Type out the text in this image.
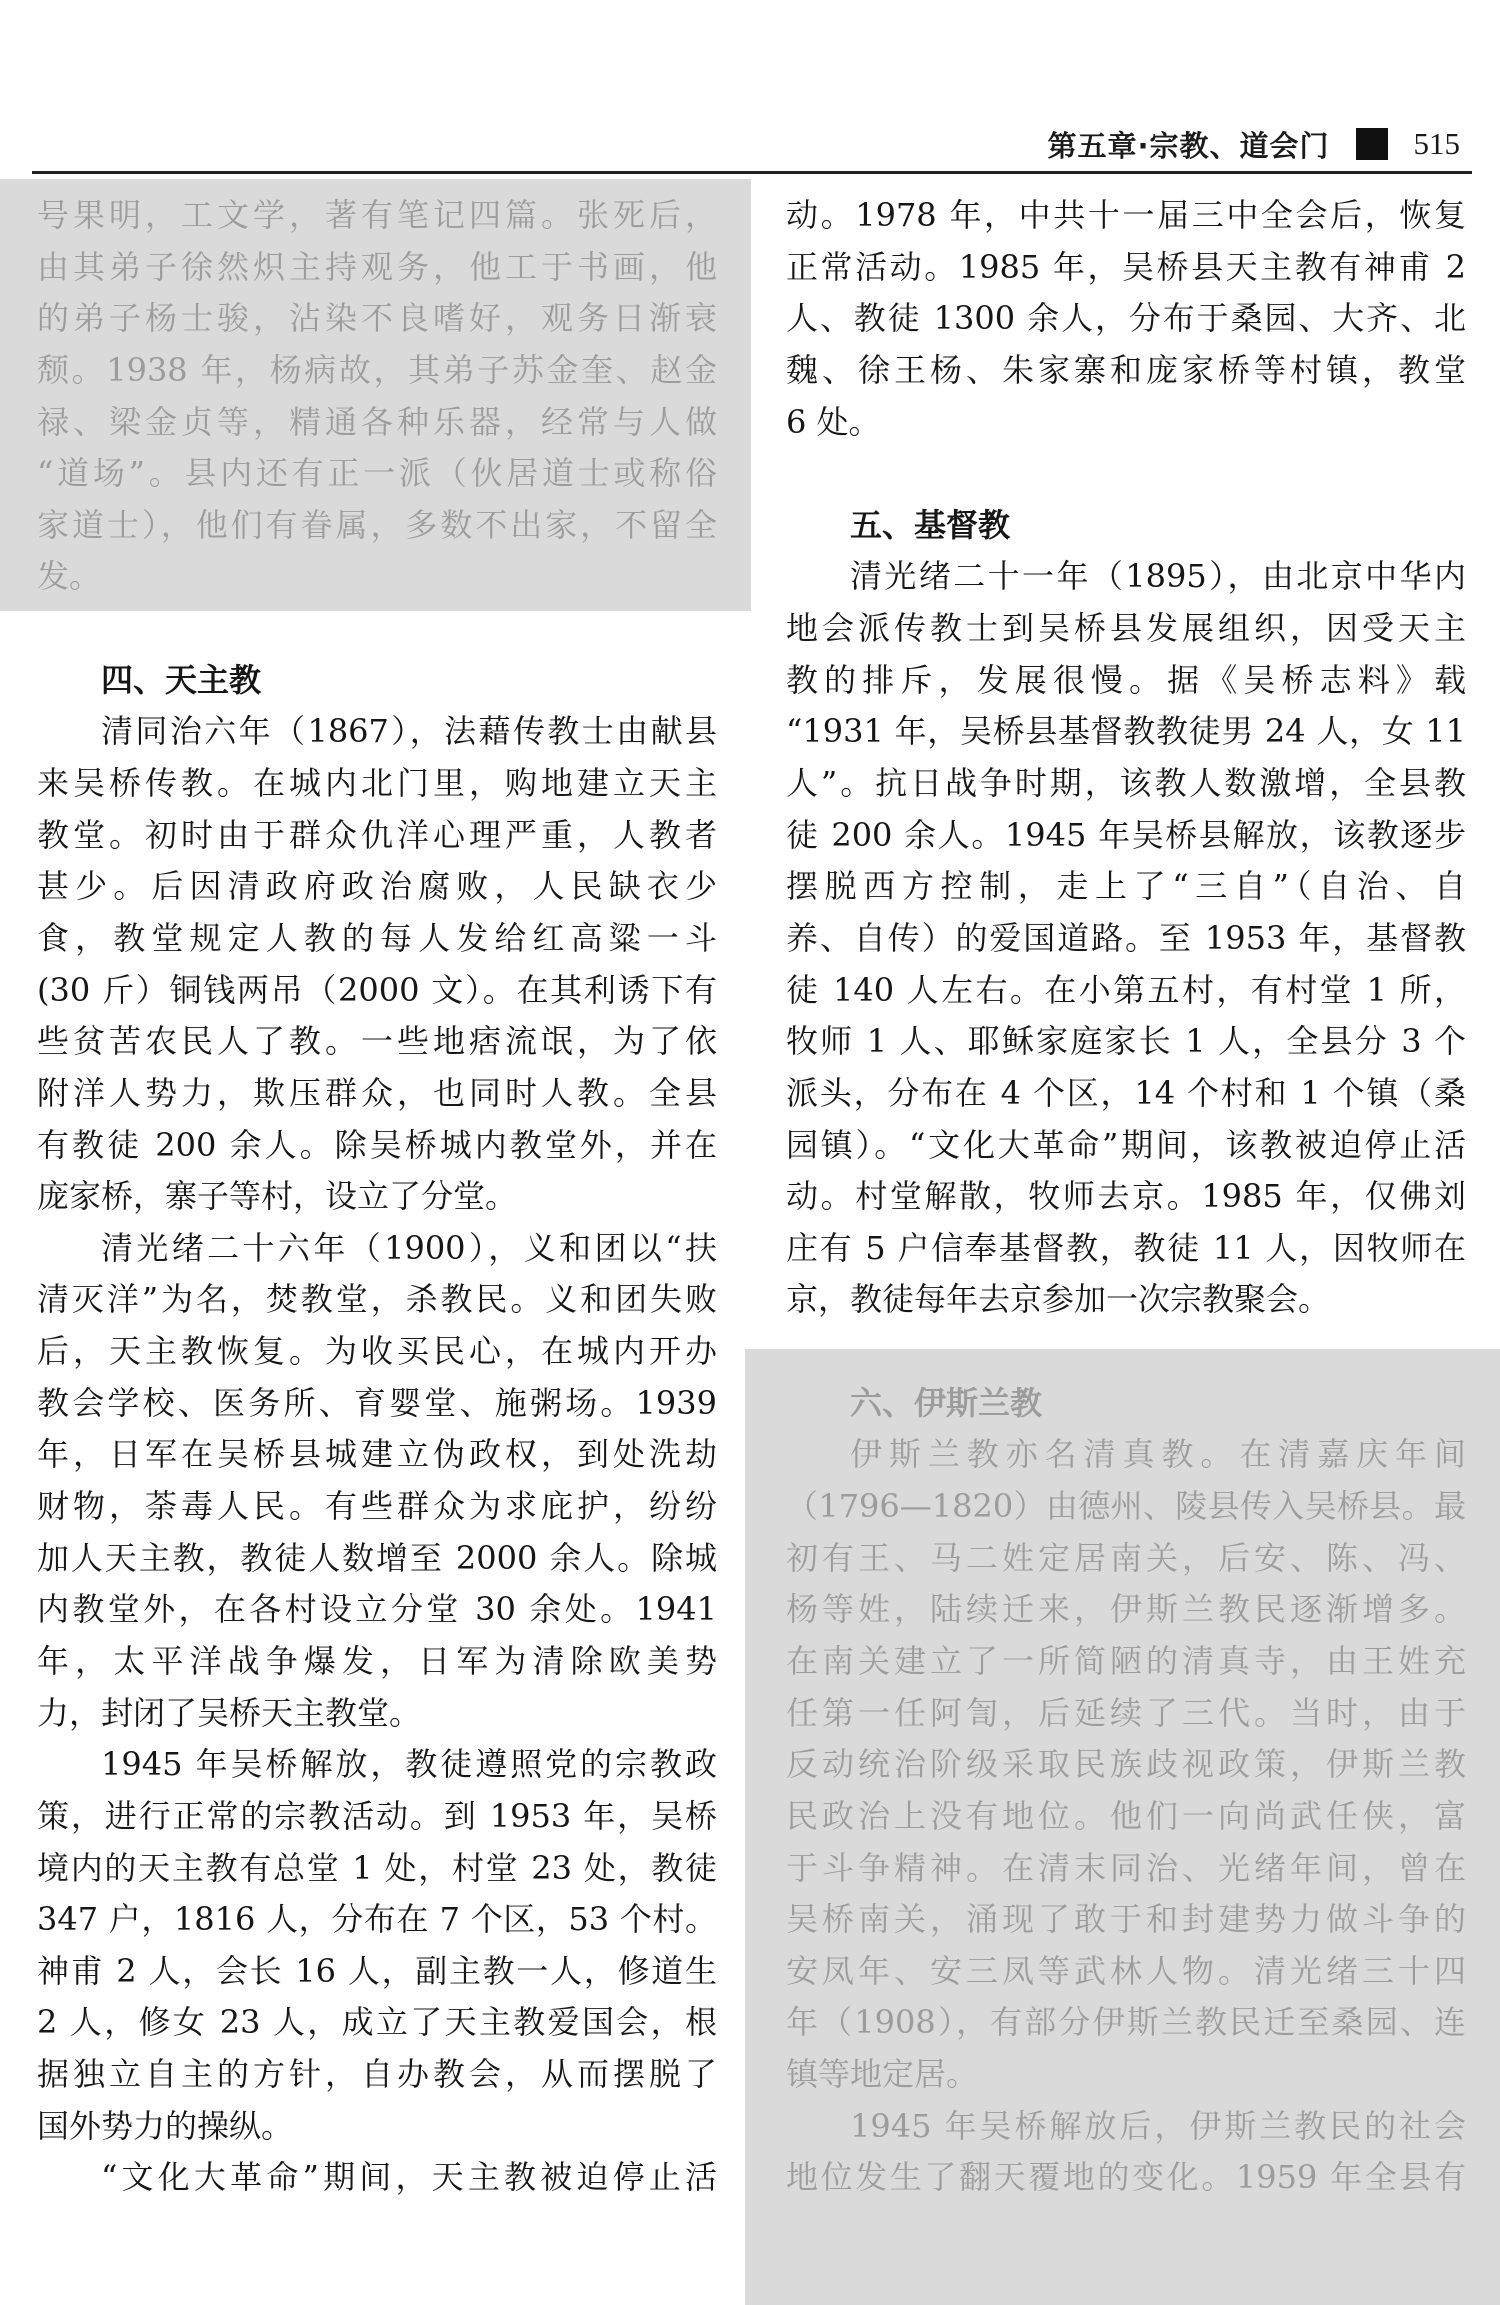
第五章·宗教、道会门	515
号果明，工文学，著有笔记四篇。张死后，
由其弟子徐然炽主持观务，他工于书画，他
的弟子杨士骏，沾染不良嗜好，观务日渐衰
颓。1938 年，杨病故，其弟子苏金奎、赵金
禄、梁金贞等，精通各种乐器，经常与人做
“道场”。县内还有正一派（伙居道士或称俗
家道士），他们有眷属，多数不出家，不留全
发。
四、天主教
清同治六年（1867），法藉传教士由献县
来吴桥传教。在城内北门里，购地建立天主
教堂。初时由于群众仇洋心理严重，人教者
甚少。后因清政府政治腐败，人民缺衣少
食，教堂规定人教的每人发给红高粱一斗
(30 斤）铜钱两吊（2000 文）。在其利诱下有
些贫苦农民人了教。一些地痞流氓，为了依
附洋人势力，欺压群众，也同时人教。全县
有教徒 200 余人。除吴桥城内教堂外，并在
庞家桥，寨子等村，设立了分堂。
清光绪二十六年（1900），义和团以“扶
清灭洋”为名，焚教堂，杀教民。义和团失败
后，天主教恢复。为收买民心，在城内开办
教会学校、医务所、育婴堂、施粥场。1939
年，日军在吴桥县城建立伪政权，到处洗劫
财物，荼毒人民。有些群众为求庇护，纷纷
加人天主教，教徒人数增至 2000 余人。除城
内教堂外，在各村设立分堂 30 余处。1941
年，太平洋战争爆发，日军为清除欧美势
力，封闭了吴桥天主教堂。
1945 年吴桥解放，教徒遵照党的宗教政
策，进行正常的宗教活动。到 1953 年，吴桥
境内的天主教有总堂 1 处，村堂 23 处，教徒
347 户，1816 人，分布在 7 个区，53 个村。
神甫 2 人，会长 16 人，副主教一人，修道生
2 人，修女 23 人，成立了天主教爱国会，根
据独立自主的方针，自办教会，从而摆脱了
国外势力的操纵。
“文化大革命”期间，天主教被迫停止活
动。1978 年，中共十一届三中全会后，恢复
正常活动。1985 年，吴桥县天主教有神甫 2
人、教徒 1300 余人，分布于桑园、大齐、北
魏、徐王杨、朱家寨和庞家桥等村镇，教堂
6 处。
五、基督教
清光绪二十一年（1895），由北京中华内
地会派传教士到吴桥县发展组织，因受天主
教的排斥，发展很慢。据《吴桥志料》载
“1931 年，吴桥县基督教教徒男 24 人，女 11
人”。抗日战争时期，该教人数激增，全县教
徒 200 余人。1945 年吴桥县解放，该教逐步
摆脱西方控制，走上了“三自”（自治、自
养、自传）的爱国道路。至 1953 年，基督教
徒 140 人左右。在小第五村，有村堂 1 所，
牧师 1 人、耶稣家庭家长 1 人，全县分 3 个
派头，分布在 4 个区，14 个村和 1 个镇（桑
园镇）。“文化大革命”期间，该教被迫停止活
动。村堂解散，牧师去京。1985 年，仅佛刘
庄有 5 户信奉基督教，教徒 11 人，因牧师在
京，教徒每年去京参加一次宗教聚会。
六、伊斯兰教
伊斯兰教亦名清真教。在清嘉庆年间
（1796—1820）由德州、陵县传入吴桥县。最
初有王、马二姓定居南关，后安、陈、冯、
杨等姓，陆续迁来，伊斯兰教民逐渐增多。
在南关建立了一所简陋的清真寺，由王姓充
任第一任阿訇，后延续了三代。当时，由于
反动统治阶级采取民族歧视政策，伊斯兰教
民政治上没有地位。他们一向尚武任侠，富
于斗争精神。在清末同治、光绪年间，曾在
吴桥南关，涌现了敢于和封建势力做斗争的
安凤年、安三凤等武林人物。清光绪三十四
年（1908），有部分伊斯兰教民迁至桑园、连
镇等地定居。
1945 年吴桥解放后，伊斯兰教民的社会
地位发生了翻天覆地的变化。1959 年全县有
